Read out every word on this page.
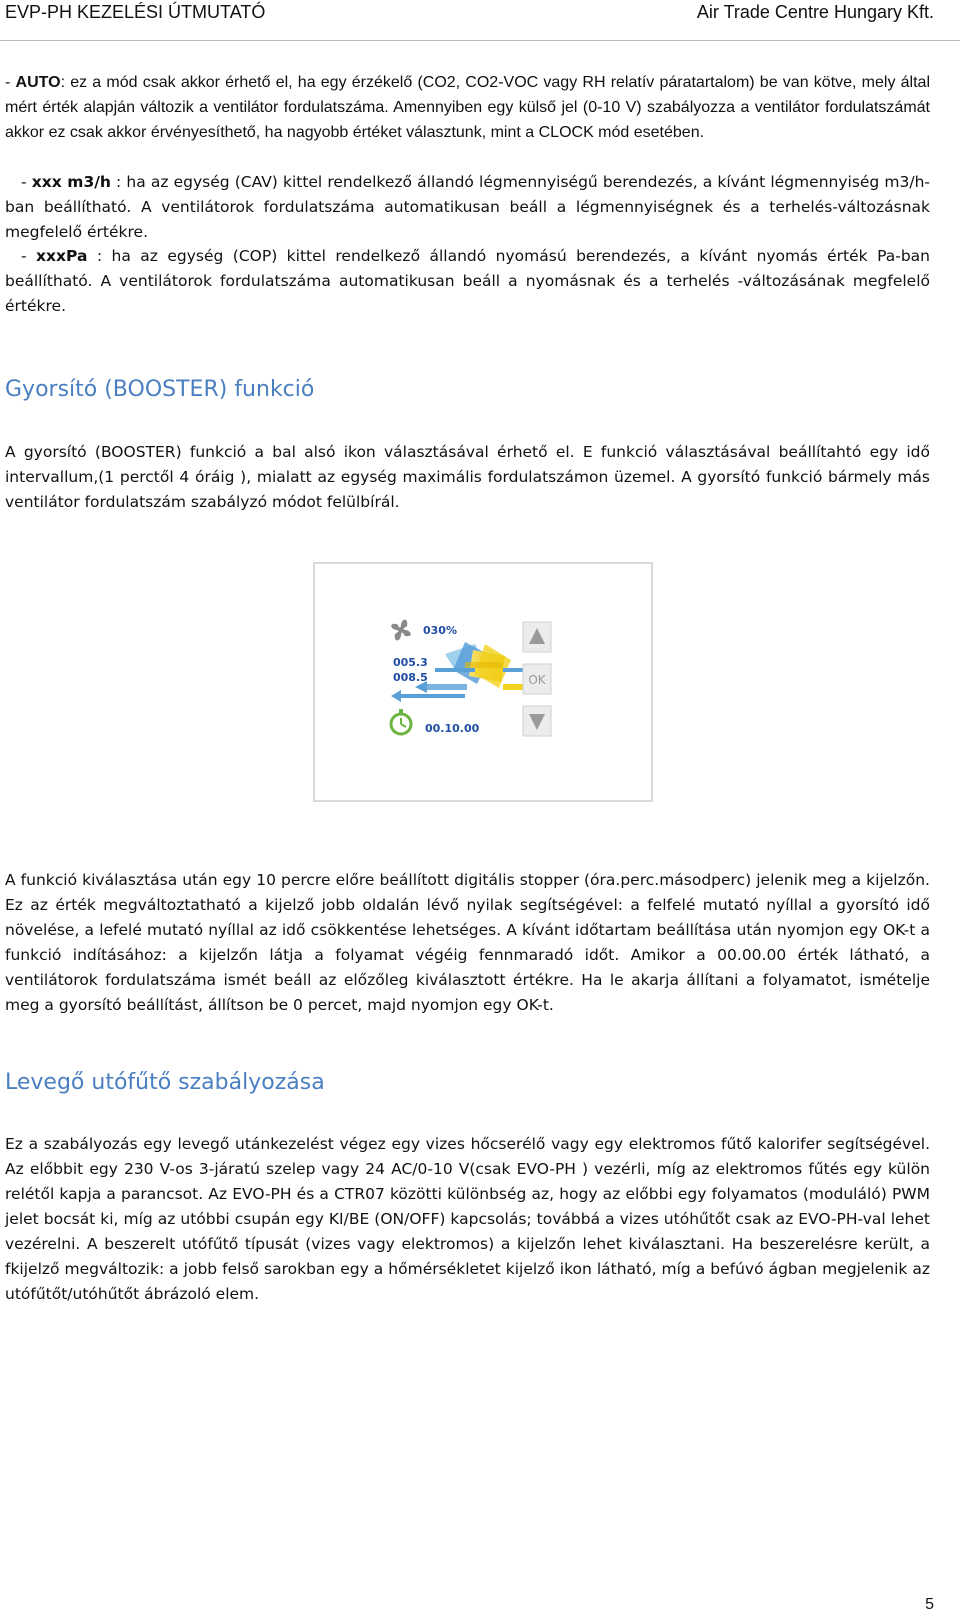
EVP-PH KEZELÉSI ÚTMUTATÓ	Air Trade Centre Hungary Kft.
- AUTO: ez a mód csak akkor érhető el, ha egy érzékelő (CO2, CO2-VOC vagy RH relatív páratartalom) be van kötve, mely által mért érték alapján változik a ventilátor fordulatszáma. Amennyiben egy külső jel (0-10 V) szabályozza a ventilátor fordulatszámát akkor ez csak akkor érvényesíthető, ha nagyobb értéket választunk, mint a CLOCK mód esetében.
- xxx m3/h : ha az egység (CAV) kittel rendelkező állandó légmennyiségű berendezés, a kívánt légmennyiség m3/h-ban beállítható. A ventilátorok fordulatszáma automatikusan beáll a légmennyiségnek és a terhelés-változásnak megfelelő értékre.
- xxxPa : ha az egység (COP) kittel rendelkező állandó nyomású berendezés, a kívánt nyomás érték Pa-ban beállítható. A ventilátorok fordulatszáma automatikusan beáll a nyomásnak és a terhelés -változásának megfelelő értékre.
Gyorsító (BOOSTER) funkció
A gyorsító (BOOSTER) funkció a bal alsó ikon választásával érhető el. E funkció választásával beállítahtó egy idő intervallum,(1 perctől 4 óráig ), mialatt az egység maximális fordulatszámon üzemel. A gyorsító funkció bármely más ventilátor fordulatszám szabályzó módot felülbírál.
030%
005.3
008.5
00.10.00
OK
A funkció kiválasztása után egy 10 percre előre beállított digitális stopper (óra.perc.másodperc) jelenik meg a kijelzőn. Ez az érték megváltoztatható a kijelző jobb oldalán lévő nyilak segítségével: a felfelé mutató nyíllal a gyorsító idő növelése, a lefelé mutató nyíllal az idő csökkentése lehetséges. A kívánt időtartam beállítása után nyomjon egy OK-t a funkció indításához: a kijelzőn látja a folyamat végéig fennmaradó időt. Amikor a 00.00.00 érték látható, a ventilátorok fordulatszáma ismét beáll az előzőleg kiválasztott értékre. Ha le akarja állítani a folyamatot, ismételje meg a gyorsító beállítást, állítson be 0 percet, majd nyomjon egy OK-t.
Levegő utófűtő szabályozása
Ez a szabályozás egy levegő utánkezelést végez egy vizes hőcserélő vagy egy elektromos fűtő kalorifer segítségével. Az előbbit egy 230 V-os 3-járatú szelep vagy 24 AC/0-10 V(csak EVO-PH ) vezérli, míg az elektromos fűtés egy külön relétől kapja a parancsot. Az EVO-PH és a CTR07 közötti különbség az, hogy az előbbi egy folyamatos (moduláló) PWM jelet bocsát ki, míg az utóbbi csupán egy KI/BE (ON/OFF) kapcsolás; továbbá a vizes utóhűtőt csak az EVO-PH-val lehet vezérelni. A beszerelt utófűtő típusát (vizes vagy elektromos) a kijelzőn lehet kiválasztani. Ha beszerelésre került, a fkijelző megváltozik: a jobb felső sarokban egy a hőmérsékletet kijelző ikon látható, míg a befúvó ágban megjelenik az utófűtőt/utóhűtőt ábrázoló elem.
5
